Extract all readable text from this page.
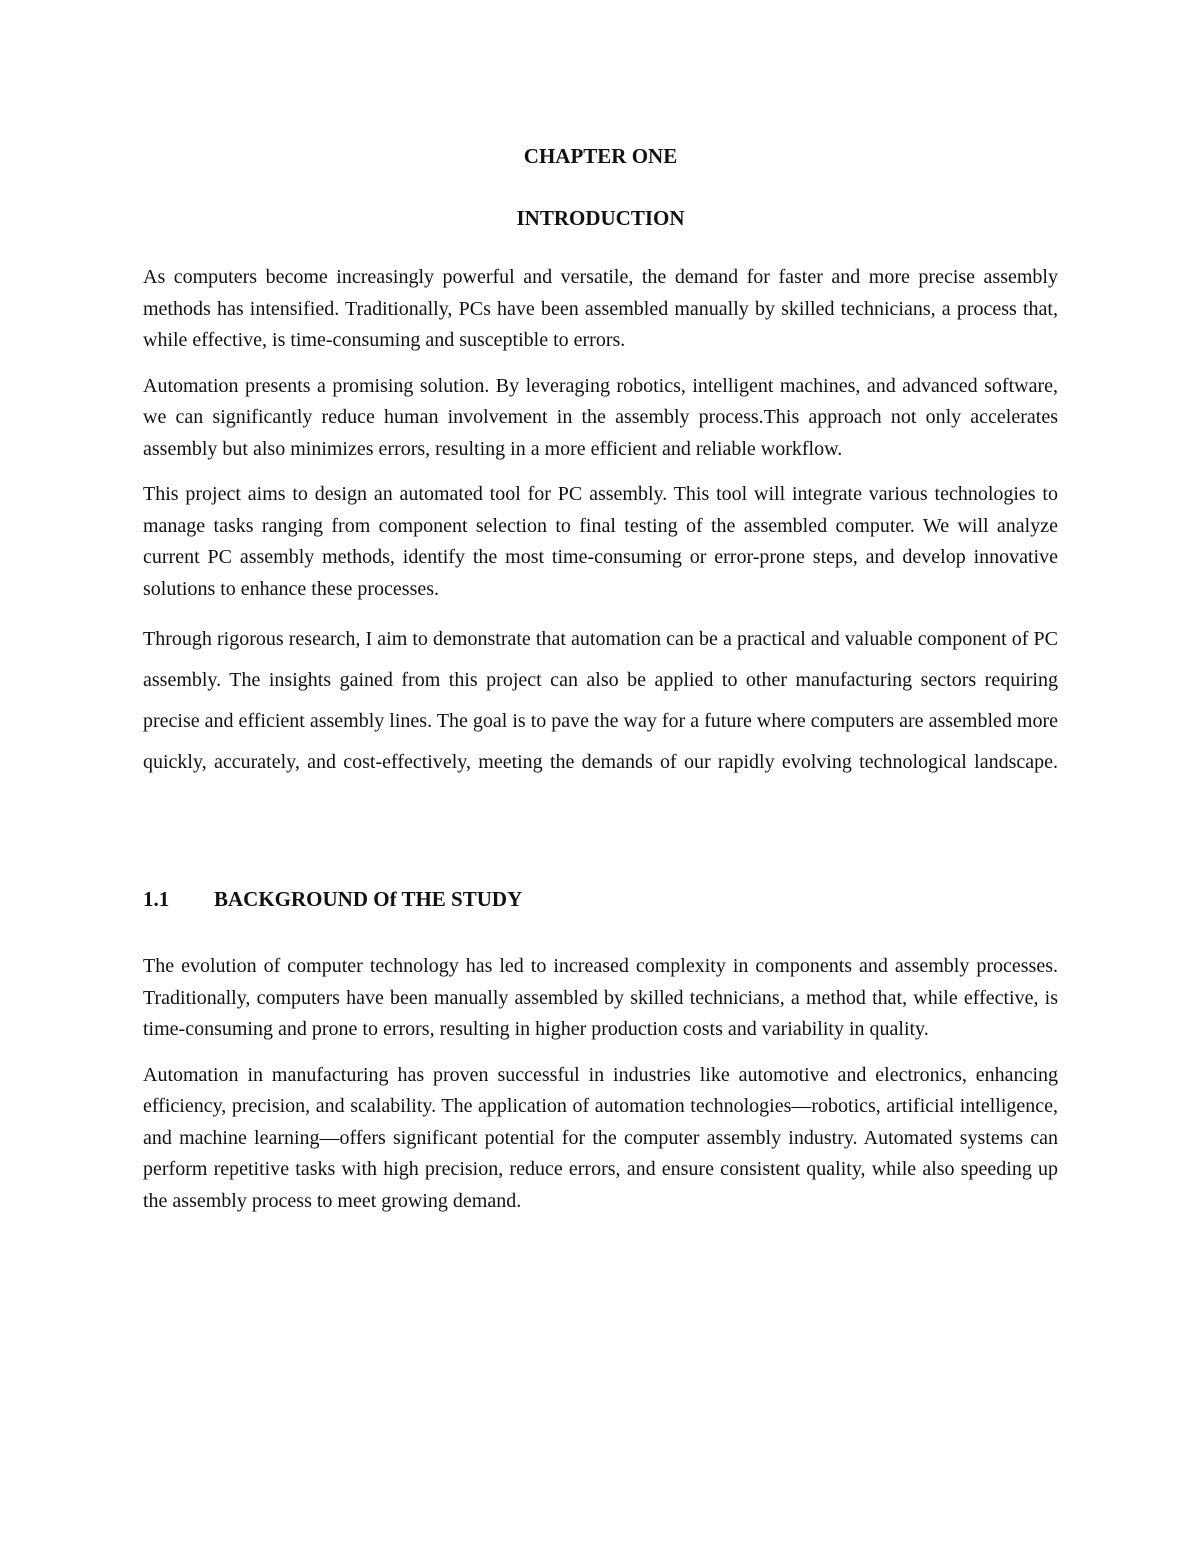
CHAPTER ONE
INTRODUCTION

As computers become increasingly powerful and versatile, the demand for faster and more precise assembly methods has intensified. Traditionally, PCs have been assembled manually by skilled technicians, a process that, while effective, is time-consuming and susceptible to errors.

Automation presents a promising solution. By leveraging robotics, intelligent machines, and advanced software, we can significantly reduce human involvement in the assembly process.This approach not only accelerates assembly but also minimizes errors, resulting in a more efficient and reliable workflow.

This project aims to design an automated tool for PC assembly. This tool will integrate various technologies to manage tasks ranging from component selection to final testing of the assembled computer. We will analyze current PC assembly methods, identify the most time-consuming or error-prone steps, and develop innovative solutions to enhance these processes.

Through rigorous research, I aim to demonstrate that automation can be a practical and valuable component of PC assembly. The insights gained from this project can also be applied to other manufacturing sectors requiring precise and efficient assembly lines. The goal is to pave the way for a future where computers are assembled more quickly, accurately, and cost-effectively, meeting the demands of our rapidly evolving technological landscape.

1.1	BACKGROUND Of THE STUDY

The evolution of computer technology has led to increased complexity in components and assembly processes. Traditionally, computers have been manually assembled by skilled technicians, a method that, while effective, is time-consuming and prone to errors, resulting in higher production costs and variability in quality.

Automation in manufacturing has proven successful in industries like automotive and electronics, enhancing efficiency, precision, and scalability. The application of automation technologies—robotics, artificial intelligence, and machine learning—offers significant potential for the computer assembly industry. Automated systems can perform repetitive tasks with high precision, reduce errors, and ensure consistent quality, while also speeding up the assembly process to meet growing demand.
